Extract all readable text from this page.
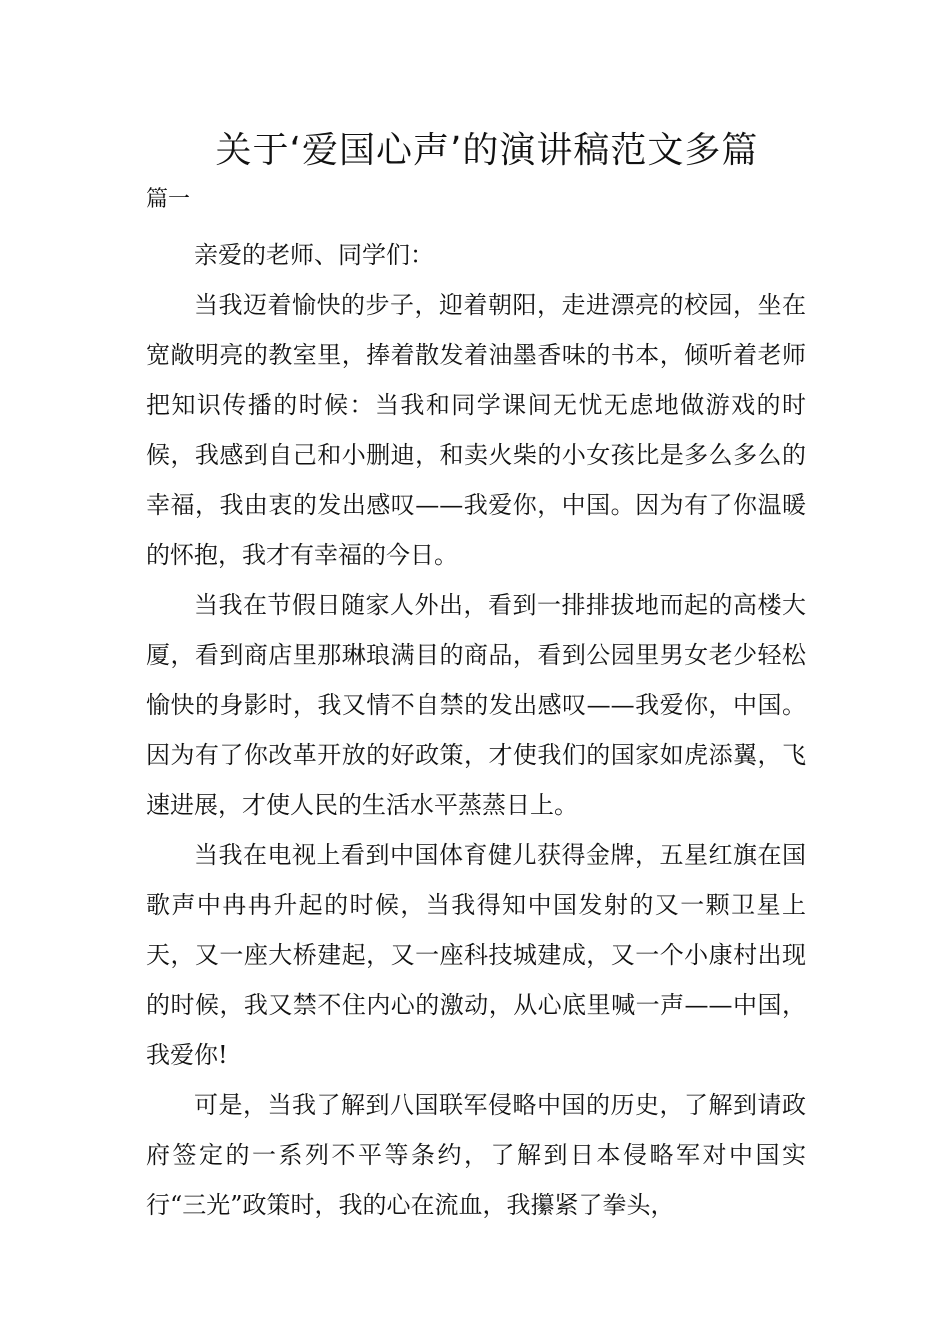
关于‘爱国心声’的演讲稿范文多篇
篇一

亲爱的老师、同学们：

当我迈着愉快的步子，迎着朝阳，走进漂亮的校园，坐在宽敞明亮的教室里，捧着散发着油墨香味的书本，倾听着老师把知识传播的时候：当我和同学课间无忧无虑地做游戏的时候，我感到自己和小删迪，和卖火柴的小女孩比是多么多么的幸福，我由衷的发出感叹——我爱你，中国。因为有了你温暖的怀抱，我才有幸福的今日。

当我在节假日随家人外出，看到一排排拔地而起的高楼大厦，看到商店里那琳琅满目的商品，看到公园里男女老少轻松愉快的身影时，我又情不自禁的发出感叹——我爱你，中国。因为有了你改革开放的好政策，才使我们的国家如虎添翼，飞速进展，才使人民的生活水平蒸蒸日上。

当我在电视上看到中国体育健儿获得金牌，五星红旗在国歌声中冉冉升起的时候，当我得知中国发射的又一颗卫星上天，又一座大桥建起，又一座科技城建成，又一个小康村出现的时候，我又禁不住内心的激动，从心底里喊一声——中国，我爱你!

可是，当我了解到八国联军侵略中国的历史，了解到请政府签定的一系列不平等条约，了解到日本侵略军对中国实行“三光”政策时，我的心在流血，我攥紧了拳头，
